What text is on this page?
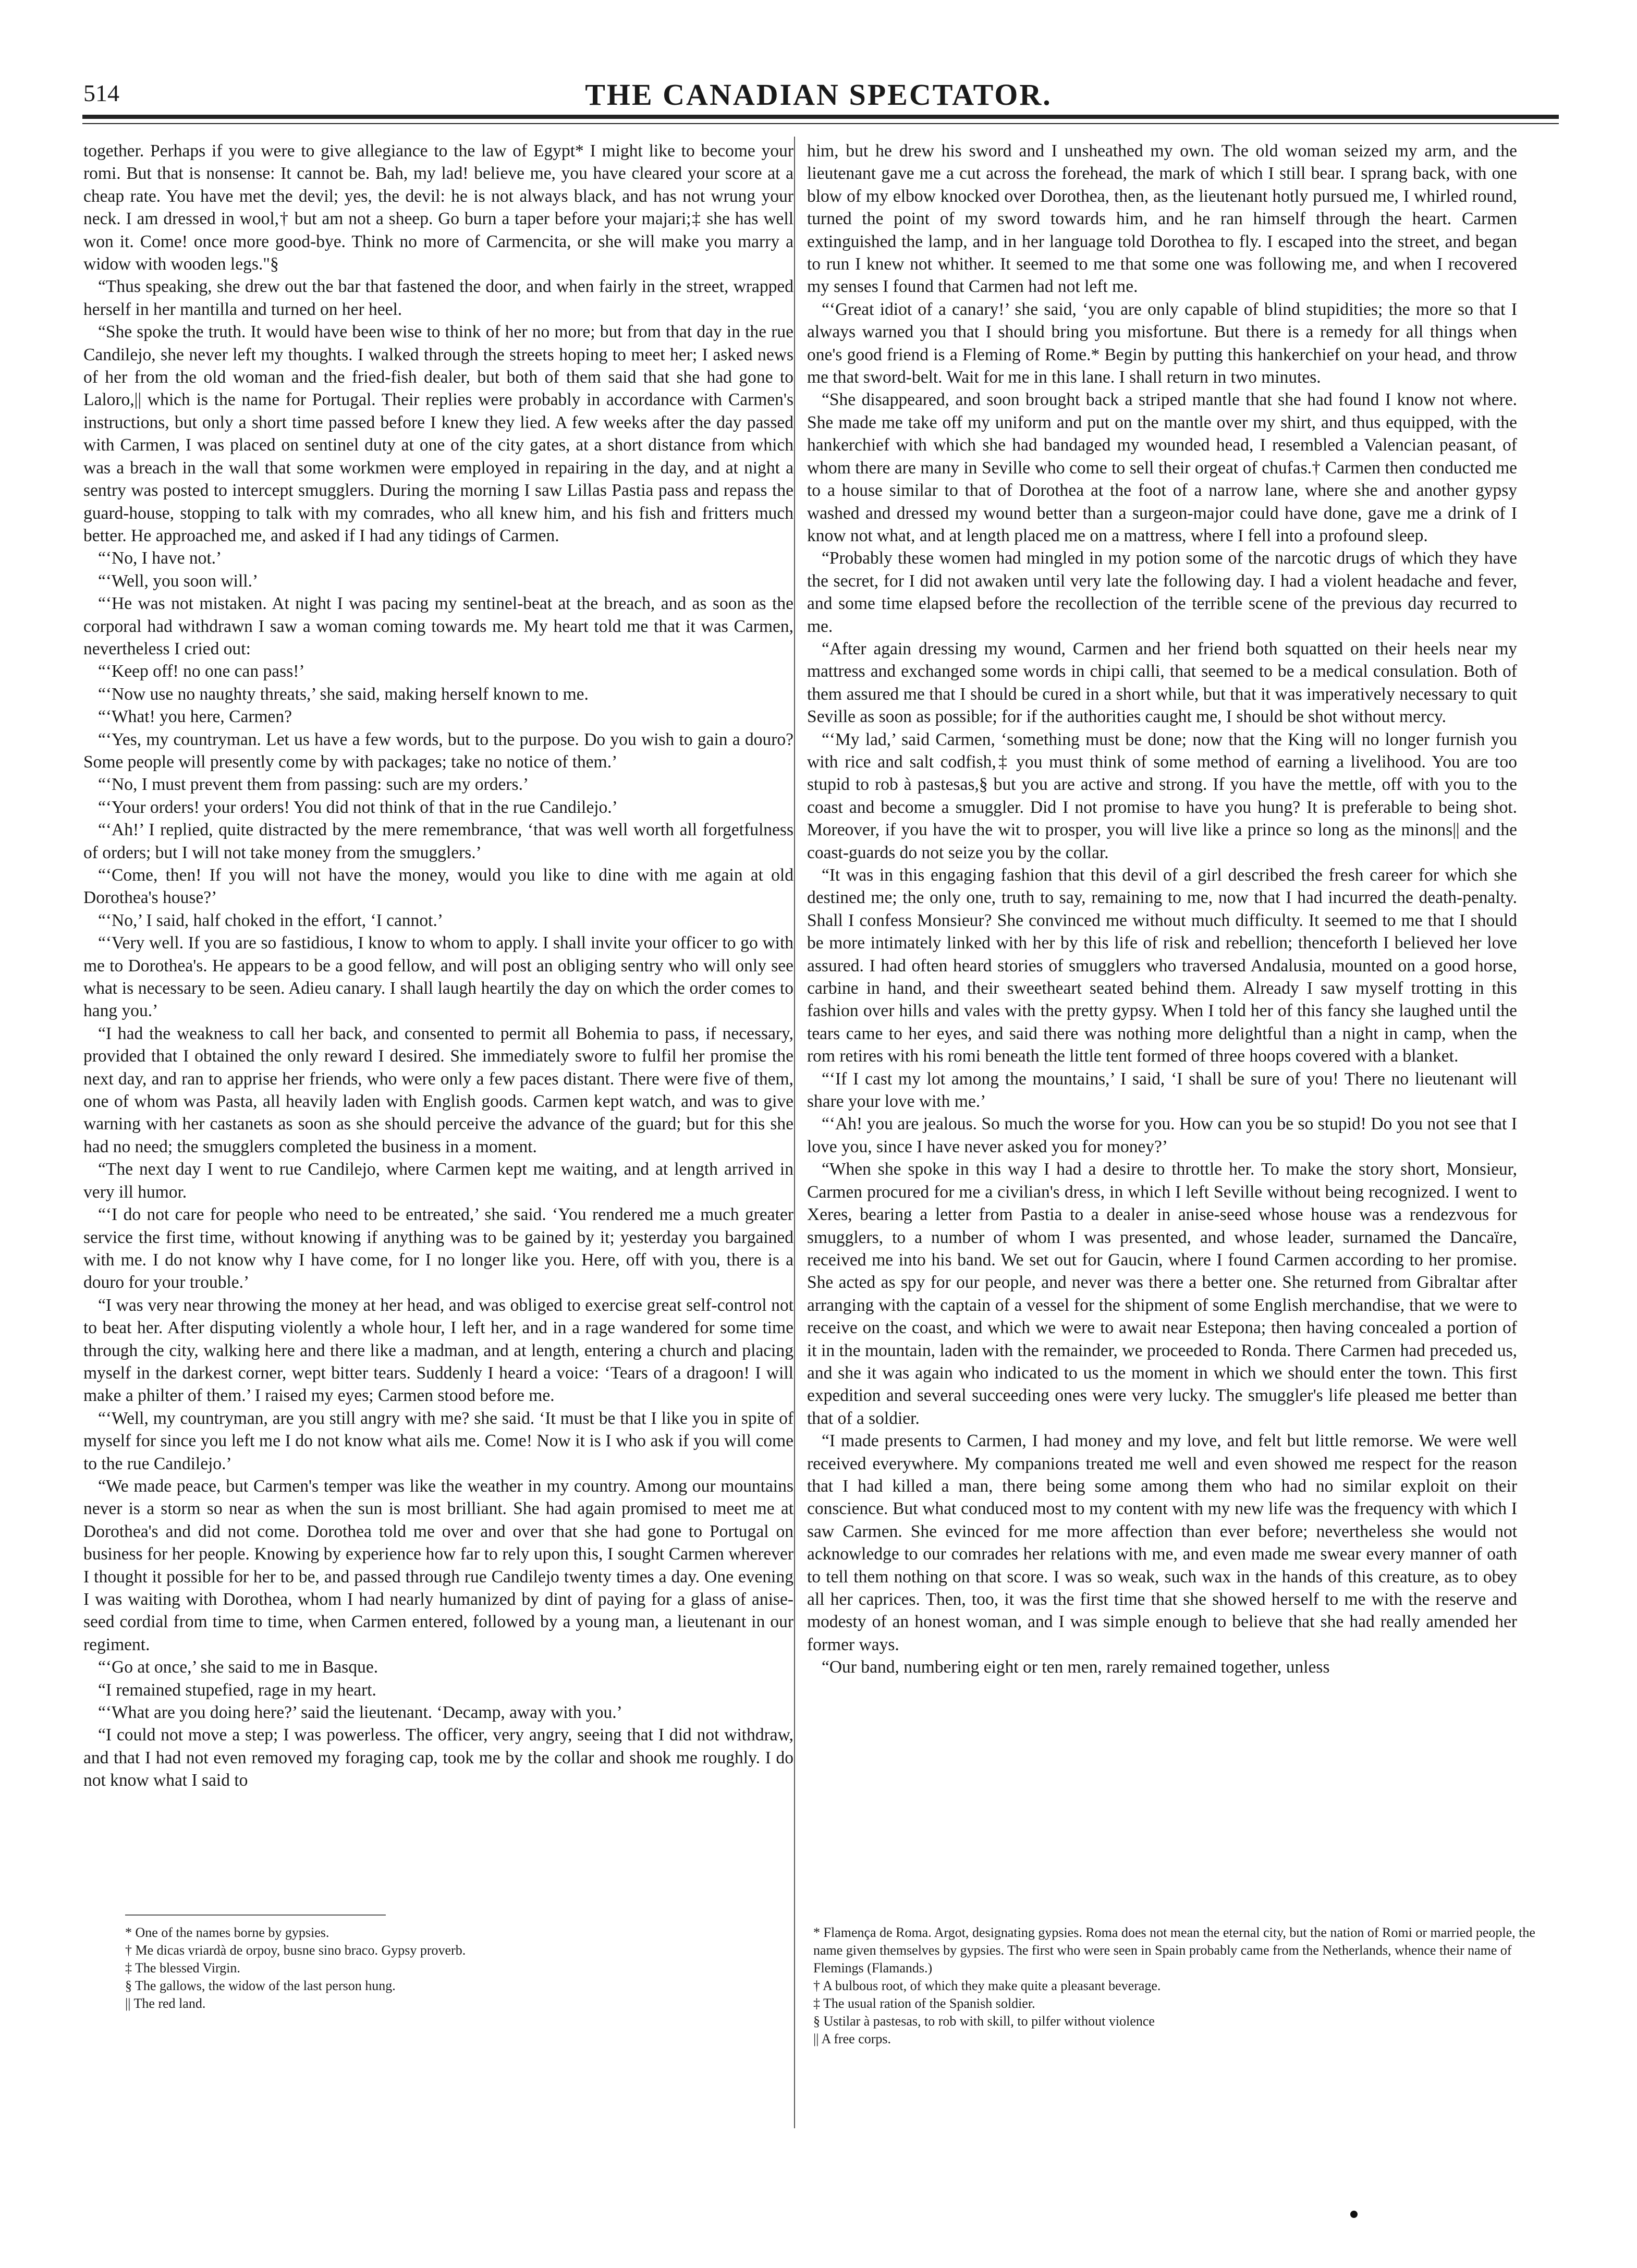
514	THE CANADIAN SPECTATOR.

together. Perhaps if you were to give allegiance to the law of Egypt* I might like to become your romi. But that is nonsense: It cannot be. Bah, my lad! believe me, you have cleared your score at a cheap rate. You have met the devil; yes, the devil: he is not always black, and has not wrung your neck. I am dressed in wool,† but am not a sheep. Go burn a taper before your majari;‡ she has well won it. Come! once more good-bye. Think no more of Carmencita, or she will make you marry a widow with wooden legs."§

“Thus speaking, she drew out the bar that fastened the door, and when fairly in the street, wrapped herself in her mantilla and turned on her heel.

“She spoke the truth. It would have been wise to think of her no more; but from that day in the rue Candilejo, she never left my thoughts. I walked through the streets hoping to meet her; I asked news of her from the old woman and the fried-fish dealer, but both of them said that she had gone to Laloro,|| which is the name for Portugal. Their replies were probably in accordance with Carmen's instructions, but only a short time passed before I knew they lied. A few weeks after the day passed with Carmen, I was placed on sentinel duty at one of the city gates, at a short distance from which was a breach in the wall that some workmen were employed in repairing in the day, and at night a sentry was posted to intercept smugglers. During the morning I saw Lillas Pastia pass and repass the guard-house, stopping to talk with my comrades, who all knew him, and his fish and fritters much better. He approached me, and asked if I had any tidings of Carmen.

“‘No, I have not.’

“‘Well, you soon will.’

“‘He was not mistaken. At night I was pacing my sentinel-beat at the breach, and as soon as the corporal had withdrawn I saw a woman coming towards me. My heart told me that it was Carmen, nevertheless I cried out:

“‘Keep off! no one can pass!’

“‘Now use no naughty threats,’ she said, making herself known to me.

“‘What! you here, Carmen?

“‘Yes, my countryman. Let us have a few words, but to the purpose. Do you wish to gain a douro? Some people will presently come by with packages; take no notice of them.’

“‘No, I must prevent them from passing: such are my orders.’

“‘Your orders! your orders! You did not think of that in the rue Candilejo.’

“‘Ah!’ I replied, quite distracted by the mere remembrance, ‘that was well worth all forgetfulness of orders; but I will not take money from the smugglers.’

“‘Come, then! If you will not have the money, would you like to dine with me again at old Dorothea's house?’

“‘No,’ I said, half choked in the effort, ‘I cannot.’

“‘Very well. If you are so fastidious, I know to whom to apply. I shall invite your officer to go with me to Dorothea's. He appears to be a good fellow, and will post an obliging sentry who will only see what is necessary to be seen. Adieu canary. I shall laugh heartily the day on which the order comes to hang you.’

“I had the weakness to call her back, and consented to permit all Bohemia to pass, if necessary, provided that I obtained the only reward I desired. She immediately swore to fulfil her promise the next day, and ran to apprise her friends, who were only a few paces distant. There were five of them, one of whom was Pasta, all heavily laden with English goods. Carmen kept watch, and was to give warning with her castanets as soon as she should perceive the advance of the guard; but for this she had no need; the smugglers completed the business in a moment.

“The next day I went to rue Candilejo, where Carmen kept me waiting, and at length arrived in very ill humor.

“‘I do not care for people who need to be entreated,’ she said. ‘You rendered me a much greater service the first time, without knowing if anything was to be gained by it; yesterday you bargained with me. I do not know why I have come, for I no longer like you. Here, off with you, there is a douro for your trouble.’

“I was very near throwing the money at her head, and was obliged to exercise great self-control not to beat her. After disputing violently a whole hour, I left her, and in a rage wandered for some time through the city, walking here and there like a madman, and at length, entering a church and placing myself in the darkest corner, wept bitter tears. Suddenly I heard a voice: ‘Tears of a dragoon! I will make a philter of them.’ I raised my eyes; Carmen stood before me.

“‘Well, my countryman, are you still angry with me? she said. ‘It must be that I like you in spite of myself for since you left me I do not know what ails me. Come! Now it is I who ask if you will come to the rue Candilejo.’

“We made peace, but Carmen's temper was like the weather in my country. Among our mountains never is a storm so near as when the sun is most brilliant. She had again promised to meet me at Dorothea's and did not come. Dorothea told me over and over that she had gone to Portugal on business for her people. Knowing by experience how far to rely upon this, I sought Carmen wherever I thought it possible for her to be, and passed through rue Candilejo twenty times a day. One evening I was waiting with Dorothea, whom I had nearly humanized by dint of paying for a glass of anise-seed cordial from time to time, when Carmen entered, followed by a young man, a lieutenant in our regiment.

“‘Go at once,’ she said to me in Basque.

“I remained stupefied, rage in my heart.

“‘What are you doing here?’ said the lieutenant. ‘Decamp, away with you.’

“I could not move a step; I was powerless. The officer, very angry, seeing that I did not withdraw, and that I had not even removed my foraging cap, took me by the collar and shook me roughly. I do not know what I said to

him, but he drew his sword and I unsheathed my own. The old woman seized my arm, and the lieutenant gave me a cut across the forehead, the mark of which I still bear. I sprang back, with one blow of my elbow knocked over Dorothea, then, as the lieutenant hotly pursued me, I whirled round, turned the point of my sword towards him, and he ran himself through the heart. Carmen extinguished the lamp, and in her language told Dorothea to fly. I escaped into the street, and began to run I knew not whither. It seemed to me that some one was following me, and when I recovered my senses I found that Carmen had not left me.

“‘Great idiot of a canary!’ she said, ‘you are only capable of blind stupidities; the more so that I always warned you that I should bring you misfortune. But there is a remedy for all things when one's good friend is a Fleming of Rome.* Begin by putting this hankerchief on your head, and throw me that sword-belt. Wait for me in this lane. I shall return in two minutes.

“She disappeared, and soon brought back a striped mantle that she had found I know not where. She made me take off my uniform and put on the mantle over my shirt, and thus equipped, with the hankerchief with which she had bandaged my wounded head, I resembled a Valencian peasant, of whom there are many in Seville who come to sell their orgeat of chufas.† Carmen then conducted me to a house similar to that of Dorothea at the foot of a narrow lane, where she and another gypsy washed and dressed my wound better than a surgeon-major could have done, gave me a drink of I know not what, and at length placed me on a mattress, where I fell into a profound sleep.

“Probably these women had mingled in my potion some of the narcotic drugs of which they have the secret, for I did not awaken until very late the following day. I had a violent headache and fever, and some time elapsed before the recollection of the terrible scene of the previous day recurred to me.

“After again dressing my wound, Carmen and her friend both squatted on their heels near my mattress and exchanged some words in chipi calli, that seemed to be a medical consulation. Both of them assured me that I should be cured in a short while, but that it was imperatively necessary to quit Seville as soon as possible; for if the authorities caught me, I should be shot without mercy.

“‘My lad,’ said Carmen, ‘something must be done; now that the King will no longer furnish you with rice and salt codfish,‡ you must think of some method of earning a livelihood. You are too stupid to rob à pastesas,§ but you are active and strong. If you have the mettle, off with you to the coast and become a smuggler. Did I not promise to have you hung? It is preferable to being shot. Moreover, if you have the wit to prosper, you will live like a prince so long as the minons|| and the coast-guards do not seize you by the collar.

“It was in this engaging fashion that this devil of a girl described the fresh career for which she destined me; the only one, truth to say, remaining to me, now that I had incurred the death-penalty. Shall I confess Monsieur? She convinced me without much difficulty. It seemed to me that I should be more intimately linked with her by this life of risk and rebellion; thenceforth I believed her love assured. I had often heard stories of smugglers who traversed Andalusia, mounted on a good horse, carbine in hand, and their sweetheart seated behind them. Already I saw myself trotting in this fashion over hills and vales with the pretty gypsy. When I told her of this fancy she laughed until the tears came to her eyes, and said there was nothing more delightful than a night in camp, when the rom retires with his romi beneath the little tent formed of three hoops covered with a blanket.

“‘If I cast my lot among the mountains,’ I said, ‘I shall be sure of you! There no lieutenant will share your love with me.’

“‘Ah! you are jealous. So much the worse for you. How can you be so stupid! Do you not see that I love you, since I have never asked you for money?’

“When she spoke in this way I had a desire to throttle her. To make the story short, Monsieur, Carmen procured for me a civilian's dress, in which I left Seville without being recognized. I went to Xeres, bearing a letter from Pastia to a dealer in anise-seed whose house was a rendezvous for smugglers, to a number of whom I was presented, and whose leader, surnamed the Dancaïre, received me into his band. We set out for Gaucin, where I found Carmen according to her promise. She acted as spy for our people, and never was there a better one. She returned from Gibraltar after arranging with the captain of a vessel for the shipment of some English merchandise, that we were to receive on the coast, and which we were to await near Estepona; then having concealed a portion of it in the mountain, laden with the remainder, we proceeded to Ronda. There Carmen had preceded us, and she it was again who indicated to us the moment in which we should enter the town. This first expedition and several succeeding ones were very lucky. The smuggler's life pleased me better than that of a soldier.

“I made presents to Carmen, I had money and my love, and felt but little remorse. We were well received everywhere. My companions treated me well and even showed me respect for the reason that I had killed a man, there being some among them who had no similar exploit on their conscience. But what conduced most to my content with my new life was the frequency with which I saw Carmen. She evinced for me more affection than ever before; nevertheless she would not acknowledge to our comrades her relations with me, and even made me swear every manner of oath to tell them nothing on that score. I was so weak, such wax in the hands of this creature, as to obey all her caprices. Then, too, it was the first time that she showed herself to me with the reserve and modesty of an honest woman, and I was simple enough to believe that she had really amended her former ways.

“Our band, numbering eight or ten men, rarely remained together, unless

* One of the names borne by gypsies.

† Me dicas vriardà de orpoy, busne sino braco. Gypsy proverb.

‡ The blessed Virgin.

§ The gallows, the widow of the last person hung.

|| The red land.

* Flamença de Roma. Argot, designating gypsies. Roma does not mean the eternal city, but the nation of Romi or married people, the name given themselves by gypsies. The first who were seen in Spain probably came from the Netherlands, whence their name of Flemings (Flamands.)

† A bulbous root, of which they make quite a pleasant beverage.

‡ The usual ration of the Spanish soldier.

§ Ustilar à pastesas, to rob with skill, to pilfer without violence

|| A free corps.
